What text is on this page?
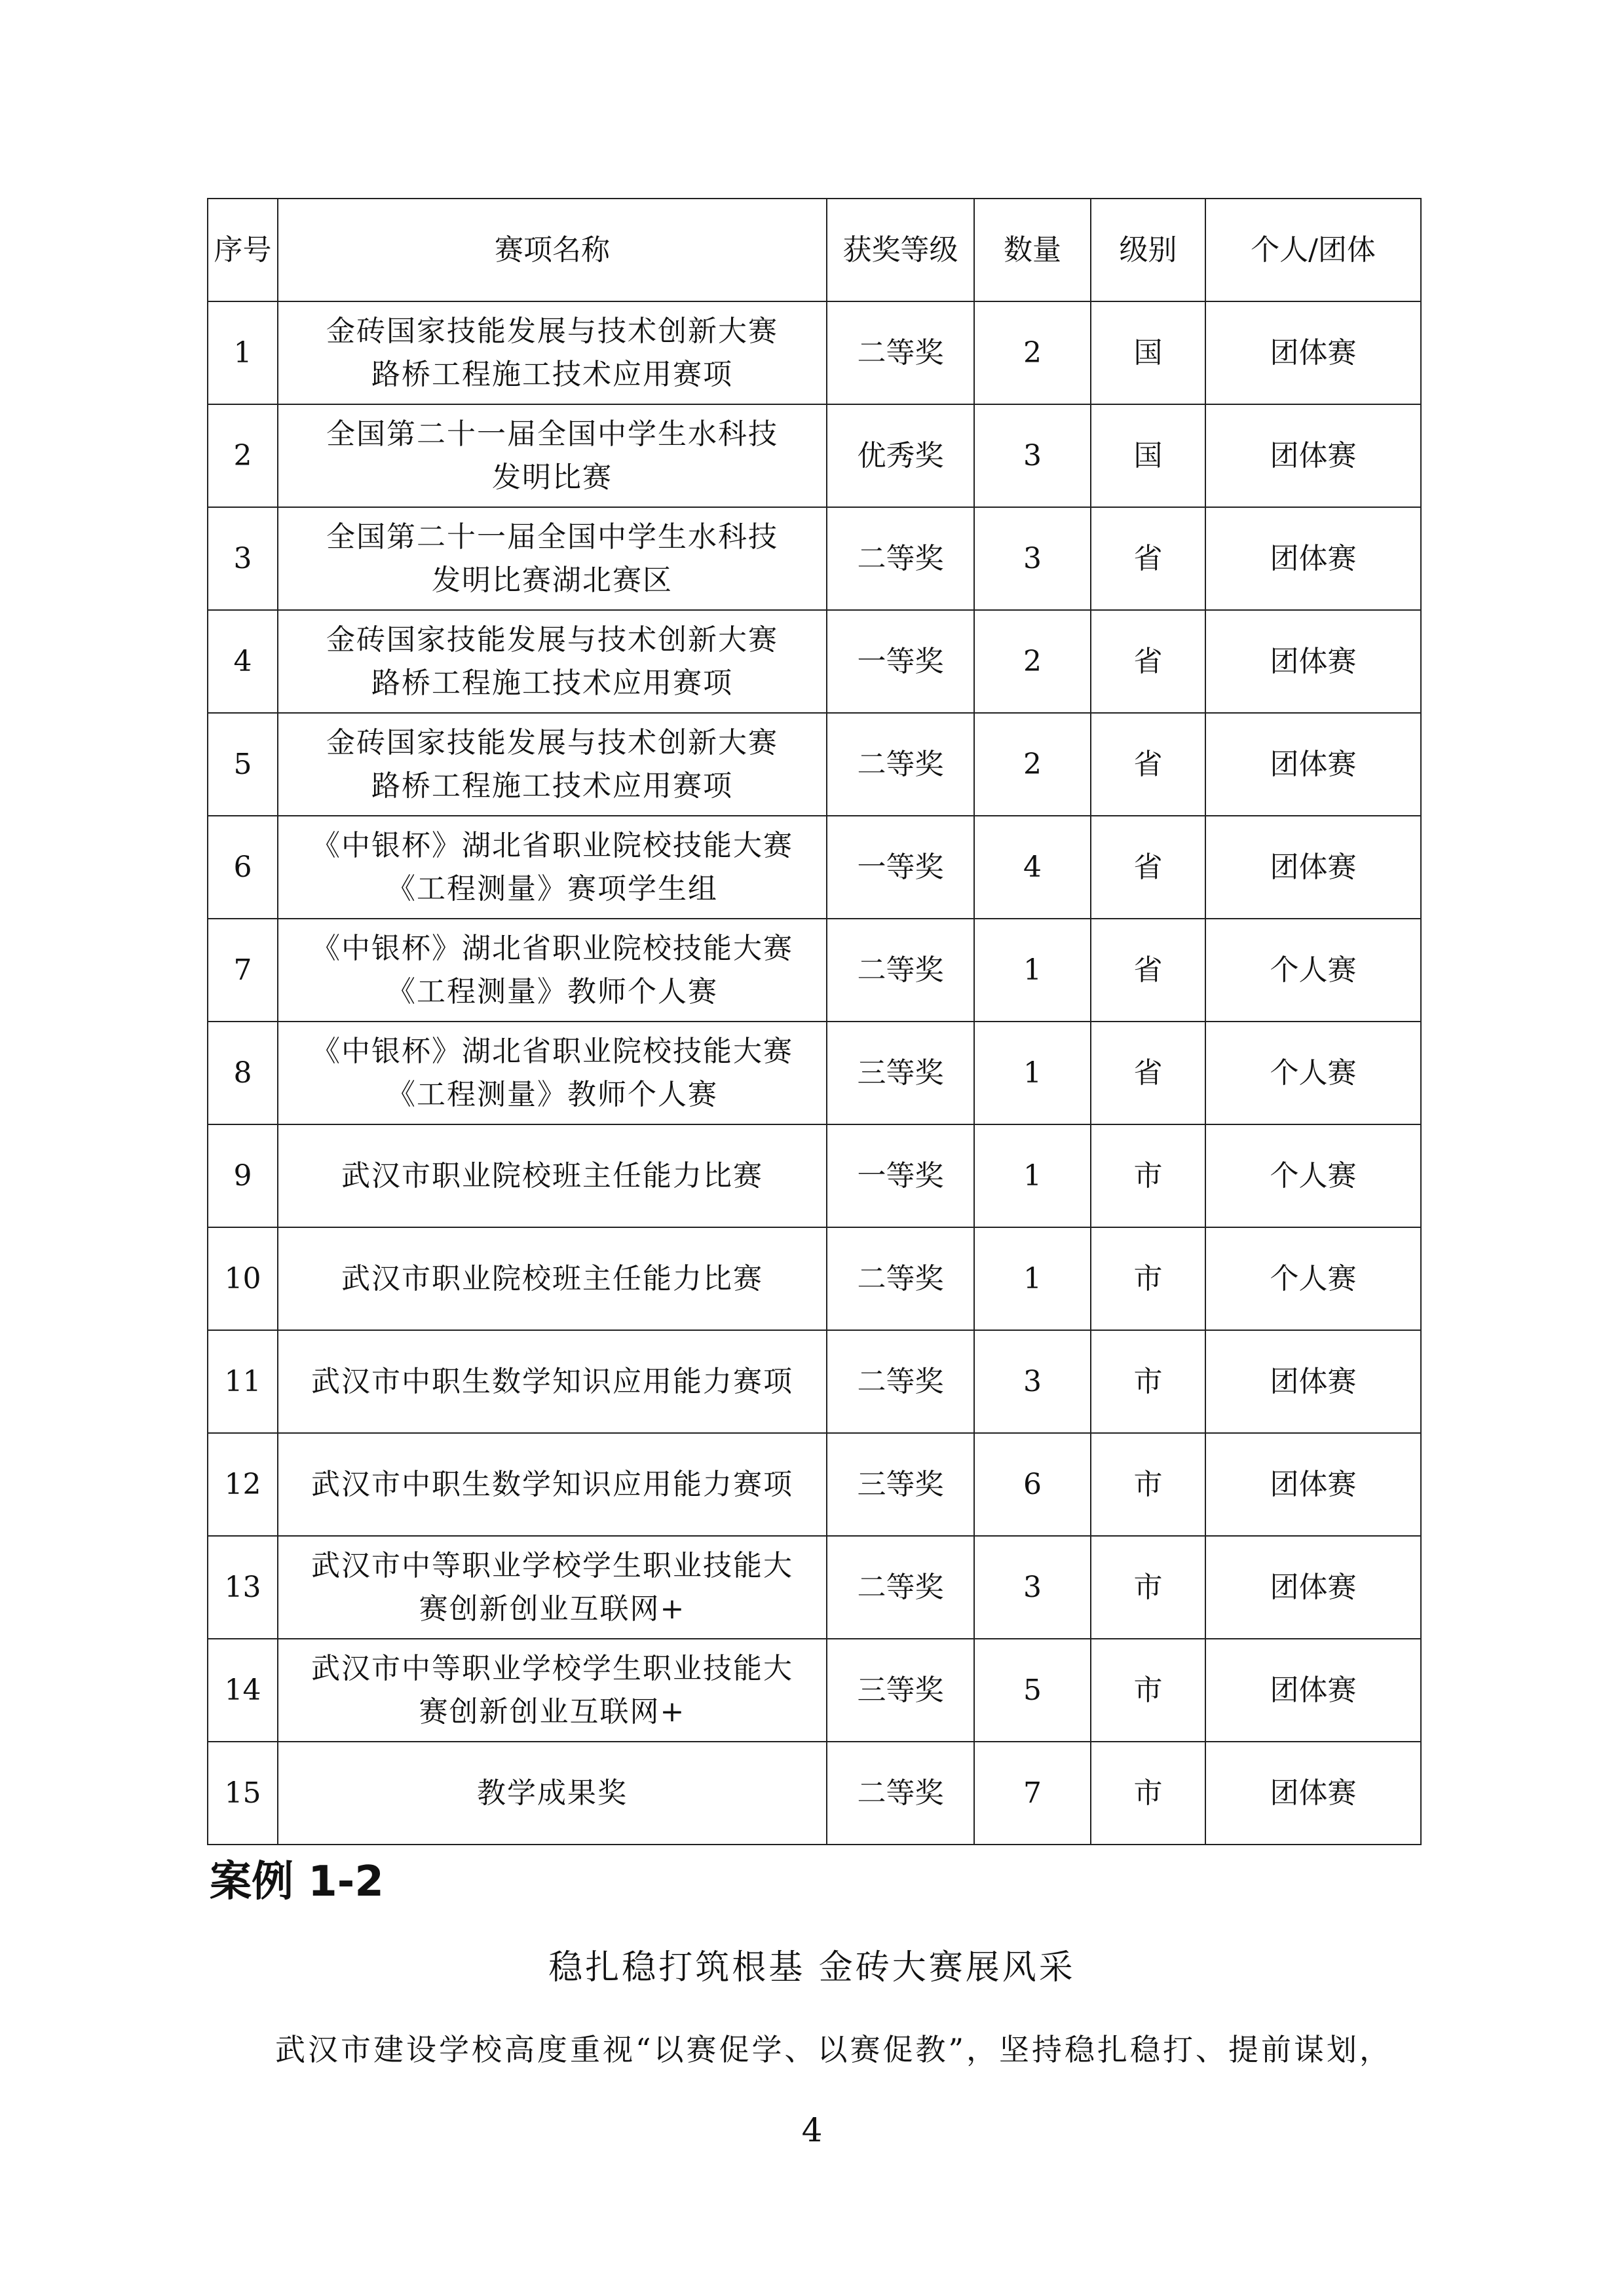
序号	赛项名称	获奖等级	数量	级别	个人/团体
1	金砖国家技能发展与技术创新大赛
路桥工程施工技术应用赛项	二等奖	2	国	团体赛
2	全国第二十一届全国中学生水科技
发明比赛	优秀奖	3	国	团体赛
3	全国第二十一届全国中学生水科技
发明比赛湖北赛区	二等奖	3	省	团体赛
4	金砖国家技能发展与技术创新大赛
路桥工程施工技术应用赛项	一等奖	2	省	团体赛
5	金砖国家技能发展与技术创新大赛
路桥工程施工技术应用赛项	二等奖	2	省	团体赛
6	《中银杯》湖北省职业院校技能大赛
《工程测量》赛项学生组	一等奖	4	省	团体赛
7	《中银杯》湖北省职业院校技能大赛
《工程测量》教师个人赛	二等奖	1	省	个人赛
8	《中银杯》湖北省职业院校技能大赛
《工程测量》教师个人赛	三等奖	1	省	个人赛
9	武汉市职业院校班主任能力比赛	一等奖	1	市	个人赛
10	武汉市职业院校班主任能力比赛	二等奖	1	市	个人赛
11	武汉市中职生数学知识应用能力赛项	二等奖	3	市	团体赛
12	武汉市中职生数学知识应用能力赛项	三等奖	6	市	团体赛
13	武汉市中等职业学校学生职业技能大
赛创新创业互联网+	二等奖	3	市	团体赛
14	武汉市中等职业学校学生职业技能大
赛创新创业互联网+	三等奖	5	市	团体赛
15	教学成果奖	二等奖	7	市	团体赛
案例 1-2
稳扎稳打筑根基 金砖大赛展风采
武汉市建设学校高度重视“以赛促学、以赛促教”，坚持稳扎稳打、提前谋划，
4
